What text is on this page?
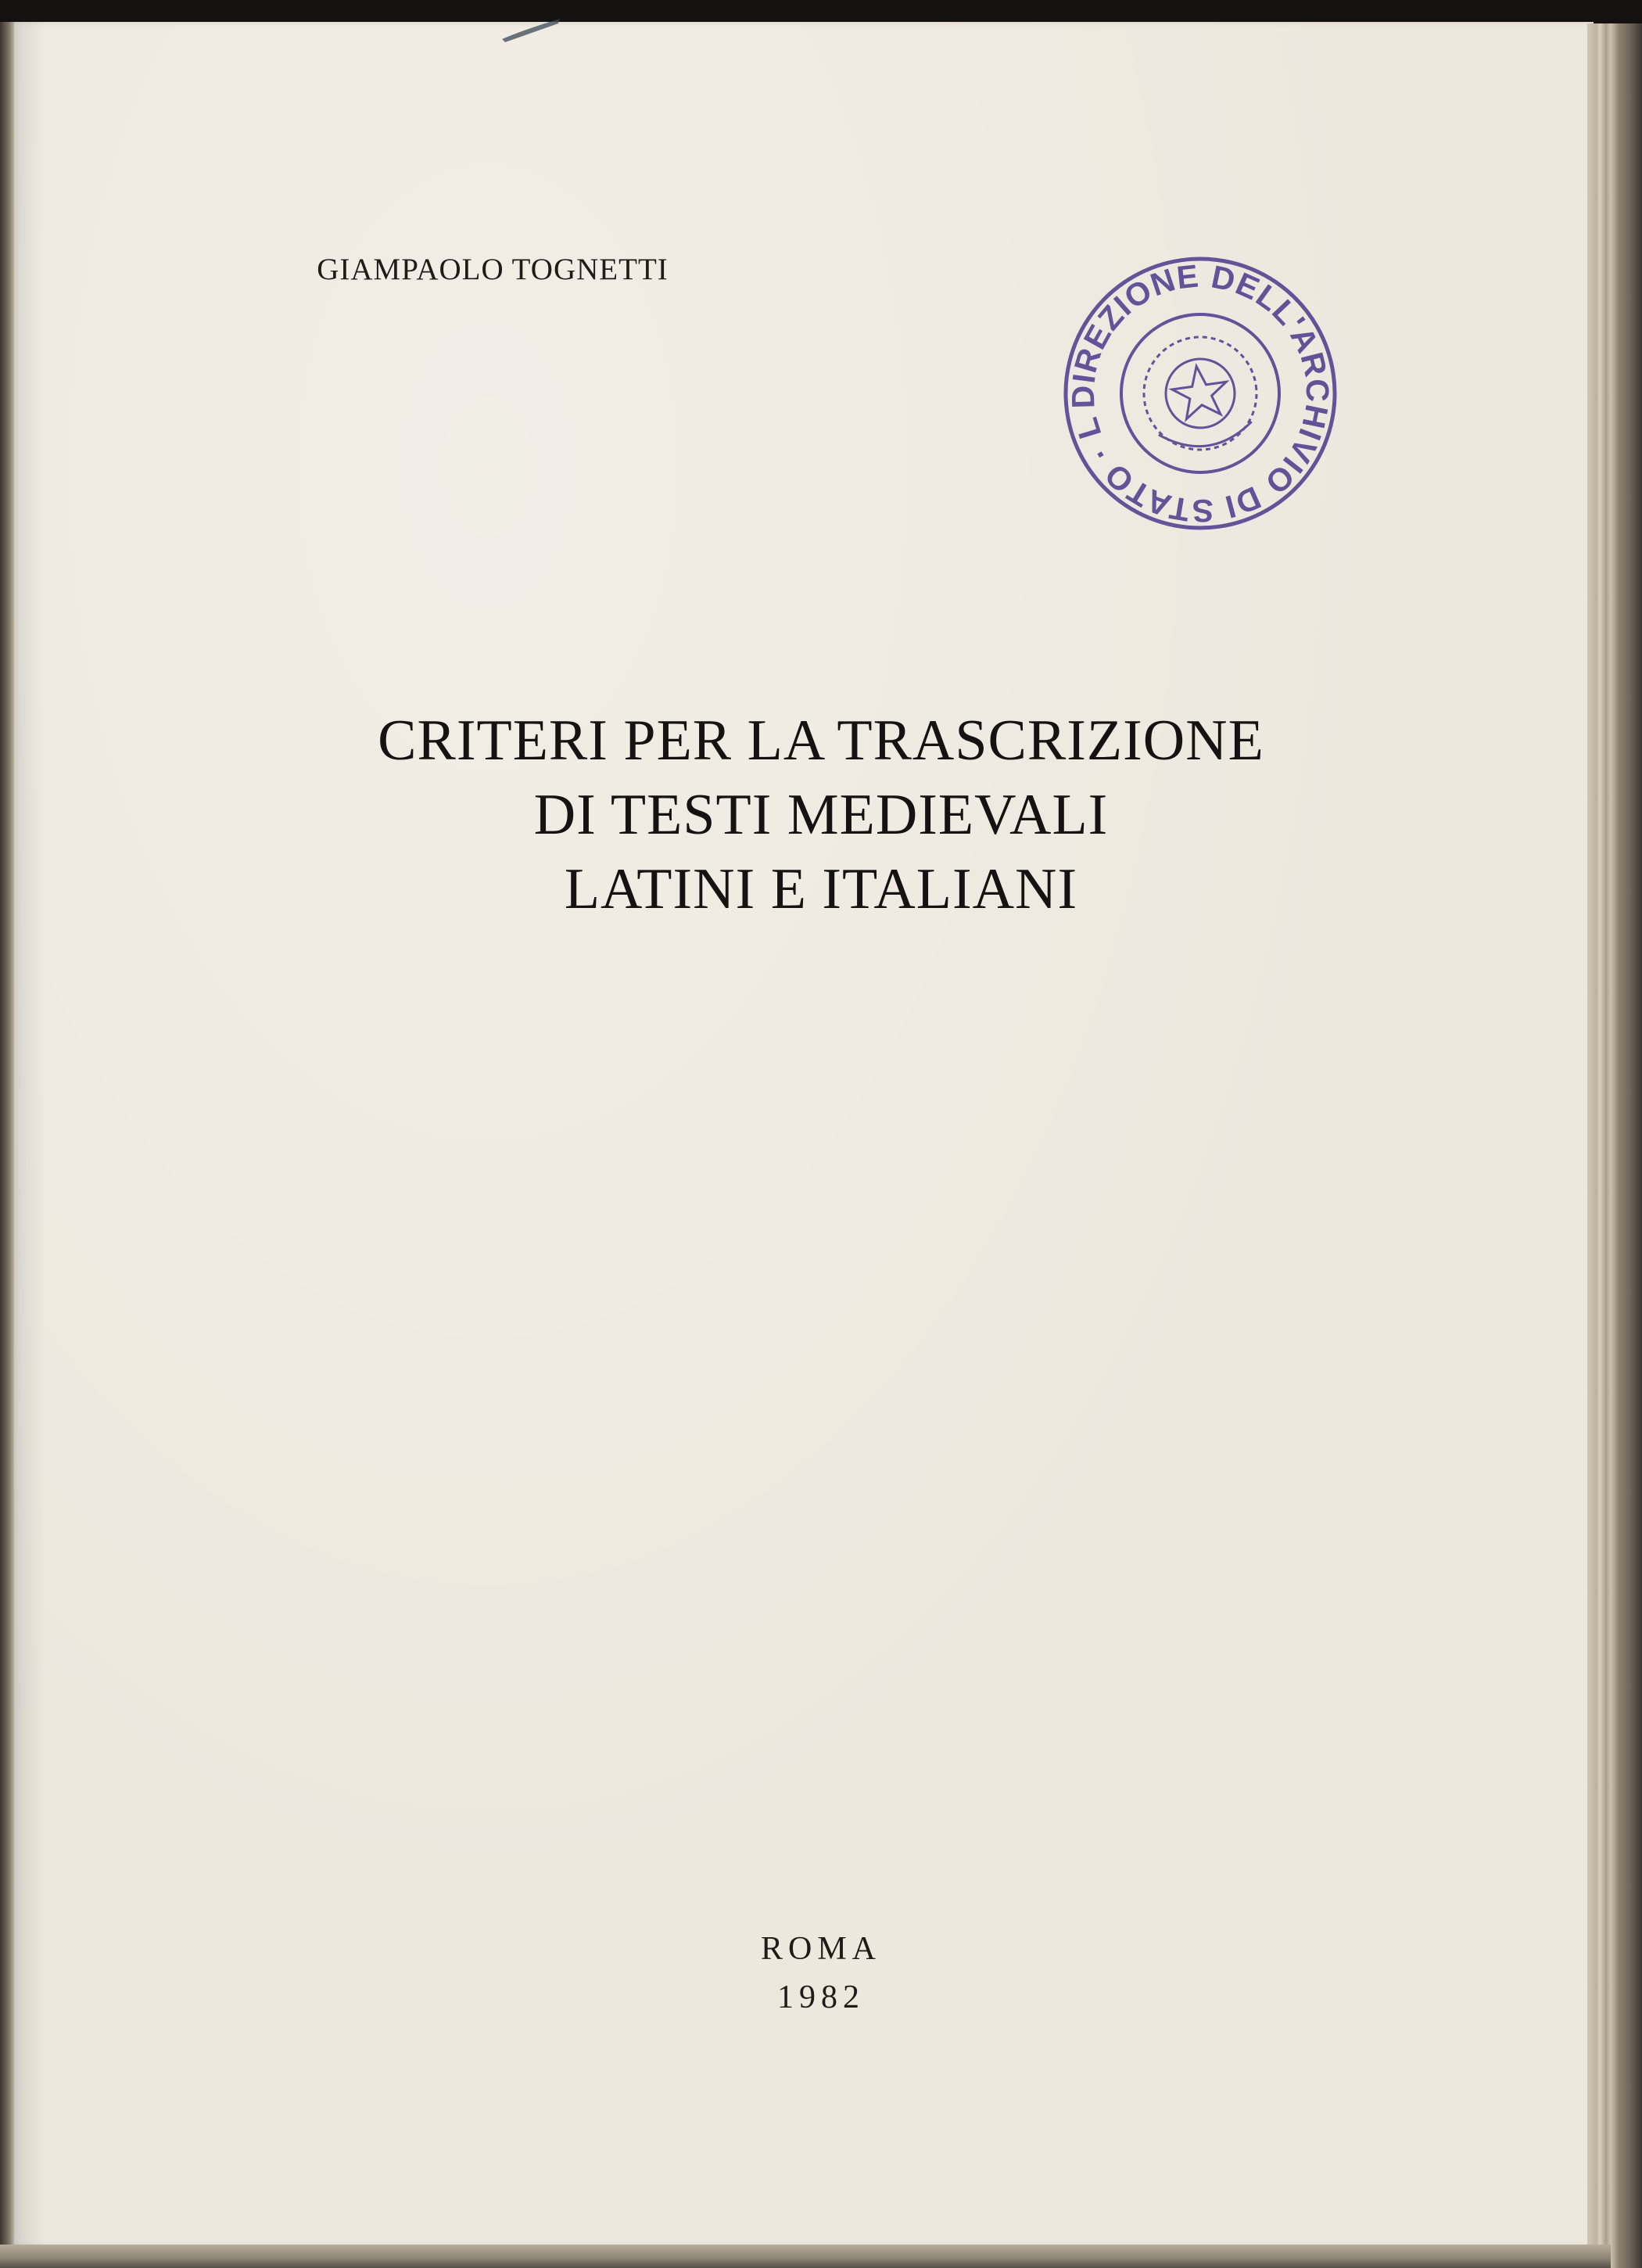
GIAMPAOLO TOGNETTI

CRITERI PER LA TRASCRIZIONE

DI TESTI MEDIEVALI

LATINI E ITALIANI

ROMA

1982

DIREZIONE DELL'ARCHIVIO DI STATO · LUCCA
